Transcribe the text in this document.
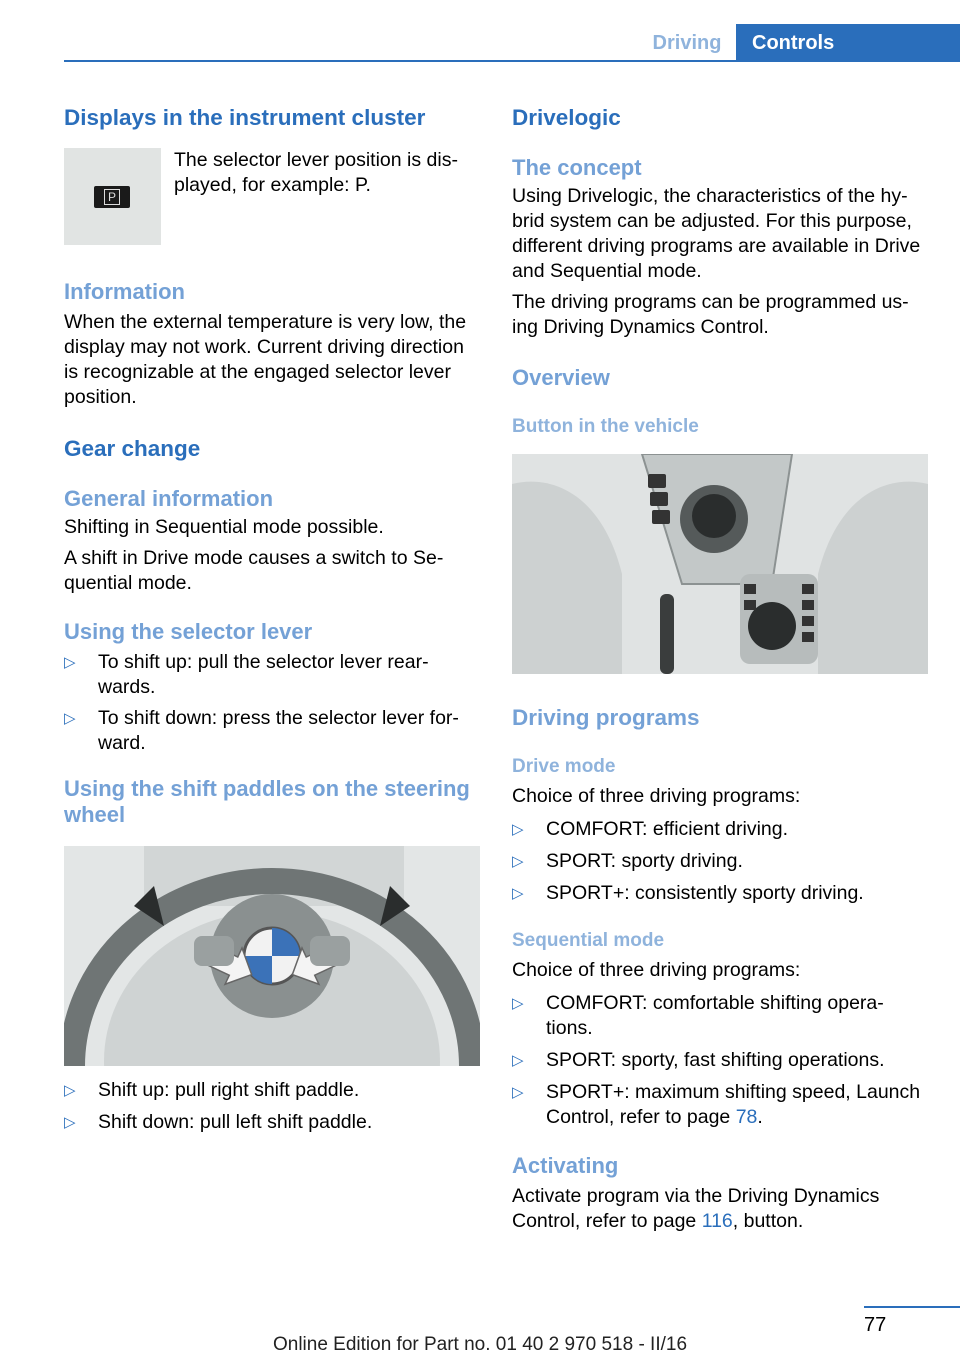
Driving	Controls

Displays in the instrument cluster

P

The selector lever position is dis- played, for example: P.

Information

When the external temperature is very low, the display may not work. Current driving direction is recognizable at the engaged selector lever position.

Gear change

General information

Shifting in Sequential mode possible.

A shift in Drive mode causes a switch to Se- quential mode.

Using the selector lever

▷ To shift up: pull the selector lever rear- wards.
▷ To shift down: press the selector lever for- ward.

Using the shift paddles on the steering wheel

▷ Shift up: pull right shift paddle.
▷ Shift down: pull left shift paddle.

Drivelogic

The concept

Using Drivelogic, the characteristics of the hy- brid system can be adjusted. For this purpose, different driving programs are available in Drive and Sequential mode.

The driving programs can be programmed us- ing Driving Dynamics Control.

Overview

Button in the vehicle

Driving programs

Drive mode

Choice of three driving programs:

▷ COMFORT: efficient driving.
▷ SPORT: sporty driving.
▷ SPORT+: consistently sporty driving.

Sequential mode

Choice of three driving programs:

▷ COMFORT: comfortable shifting opera- tions.
▷ SPORT: sporty, fast shifting operations.
▷ SPORT+: maximum shifting speed, Launch Control, refer to page 78.

Activating

Activate program via the Driving Dynamics Control, refer to page 116, button.

77
Online Edition for Part no. 01 40 2 970 518 - II/16
